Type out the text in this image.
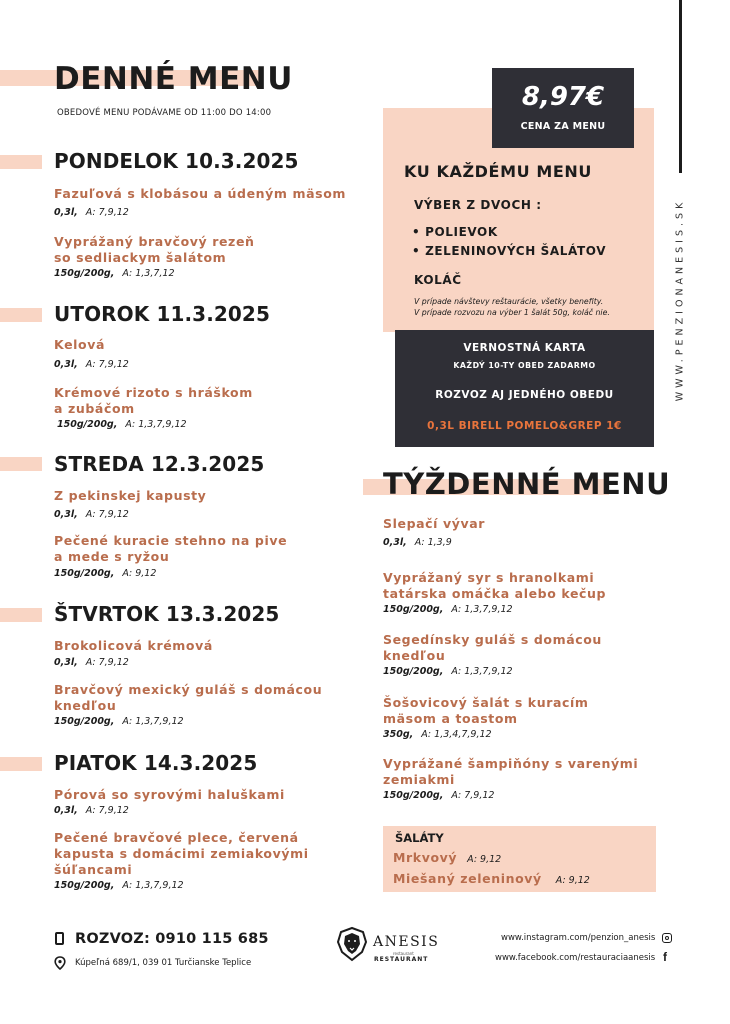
DENNÉ MENU
OBEDOVÉ MENU PODÁVAME OD 11:00 DO 14:00
PONDELOK 10.3.2025
Fazuľová s klobásou a údeným mäsom
0,3l, A: 7,9,12
Vyprážaný bravčový rezeň
so sedliackym šalátom
150g/200g, A: 1,3,7,12
UTOROK 11.3.2025
Kelová
0,3l, A: 7,9,12
Krémové rizoto s hráškom
a zubáčom
150g/200g, A: 1,3,7,9,12
STREDA 12.3.2025
Z pekinskej kapusty
0,3l, A: 7,9,12
Pečené kuracie stehno na pive
a mede s ryžou
150g/200g, A: 9,12
ŠTVRTOK 13.3.2025
Brokolicová krémová
0,3l, A: 7,9,12
Bravčový mexický guláš s domácou
knedľou
150g/200g, A: 1,3,7,9,12
PIATOK 14.3.2025
Pórová so syrovými haluškami
0,3l, A: 7,9,12
Pečené bravčové plece, červená
kapusta s domácimi zemiakovými
šúľancami
150g/200g, A: 1,3,7,9,12
WWW.PENZIONANESIS.SK
8,97€
CENA ZA MENU
KU KAŽDÉMU MENU
VÝBER Z DVOCH :
• POLIEVOK
• ZELENINOVÝCH ŠALÁTOV
KOLÁČ
V prípade návštevy reštaurácie, všetky benefity.
V prípade rozvozu na výber 1 šalát 50g, koláč nie.
VERNOSTNÁ KARTA
KAŽDÝ 10-TY OBED ZADARMO
ROZVOZ AJ JEDNÉHO OBEDU
0,3L BIRELL POMELO&GREP 1€
TÝŽDENNÉ MENU
Slepačí vývar
0,3l, A: 1,3,9
Vyprážaný syr s hranolkami
tatárska omáčka alebo kečup
150g/200g, A: 1,3,7,9,12
Segedínsky guláš s domácou
knedľou
150g/200g, A: 1,3,7,9,12
Šošovicový šalát s kuracím
mäsom a toastom
350g, A: 1,3,4,7,9,12
Vyprážané šampiňóny s varenými
zemiakmi
150g/200g, A: 7,9,12
ŠALÁTY
Mrkvový A: 9,12
Miešaný zeleninový A: 9,12
ROZVOZ: 0910 115 685
Kúpeľná 689/1, 039 01 Turčianske Teplice
ANESIS
restaurant
RESTAURANT
www.instagram.com/penzion_anesis
www.facebook.com/restauraciaanesis f
